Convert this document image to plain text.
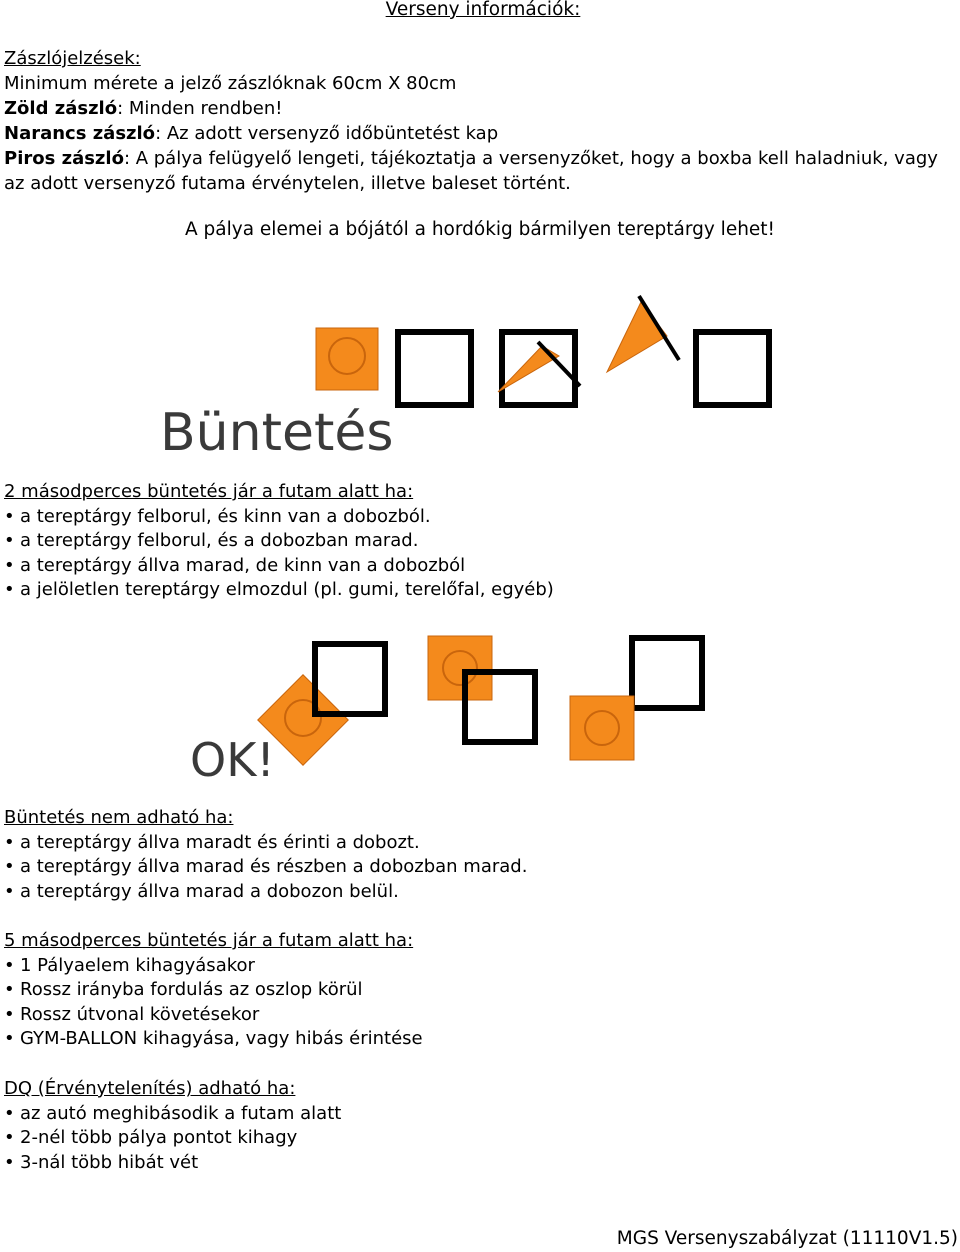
Verseny információk:

Zászlójelzések:

Minimum mérete a jelző zászlóknak 60cm X 80cm

Zöld zászló: Minden rendben!

Narancs zászló: Az adott versenyző időbüntetést kap

Piros zászló: A pálya felügyelő lengeti, tájékoztatja a versenyzőket, hogy a boxba kell haladniuk, vagy az adott versenyző futama érvénytelen, illetve baleset történt.

A pálya elemei a bójától a hordókig bármilyen tereptárgy lehet!
Büntetés

2 másodperces büntetés jár a futam alatt ha:

• a tereptárgy felborul, és kinn van a dobozból.
• a tereptárgy felborul, és a dobozban marad.
• a tereptárgy állva marad, de kinn van a dobozból
• a jelöletlen tereptárgy elmozdul (pl. gumi, terelőfal, egyéb)
OK!

Büntetés nem adható ha:

• a tereptárgy állva maradt és érinti a dobozt.
• a tereptárgy állva marad és részben a dobozban marad.
• a tereptárgy állva marad a dobozon belül.

5 másodperces büntetés jár a futam alatt ha:

• 1 Pályaelem kihagyásakor
• Rossz irányba fordulás az oszlop körül
• Rossz útvonal követésekor
• GYM-BALLON kihagyása, vagy hibás érintése

DQ (Érvénytelenítés) adható ha:

• az autó meghibásodik a futam alatt
• 2-nél több pálya pontot kihagy
• 3-nál több hibát vét
MGS Versenyszabályzat (11110V1.5)
